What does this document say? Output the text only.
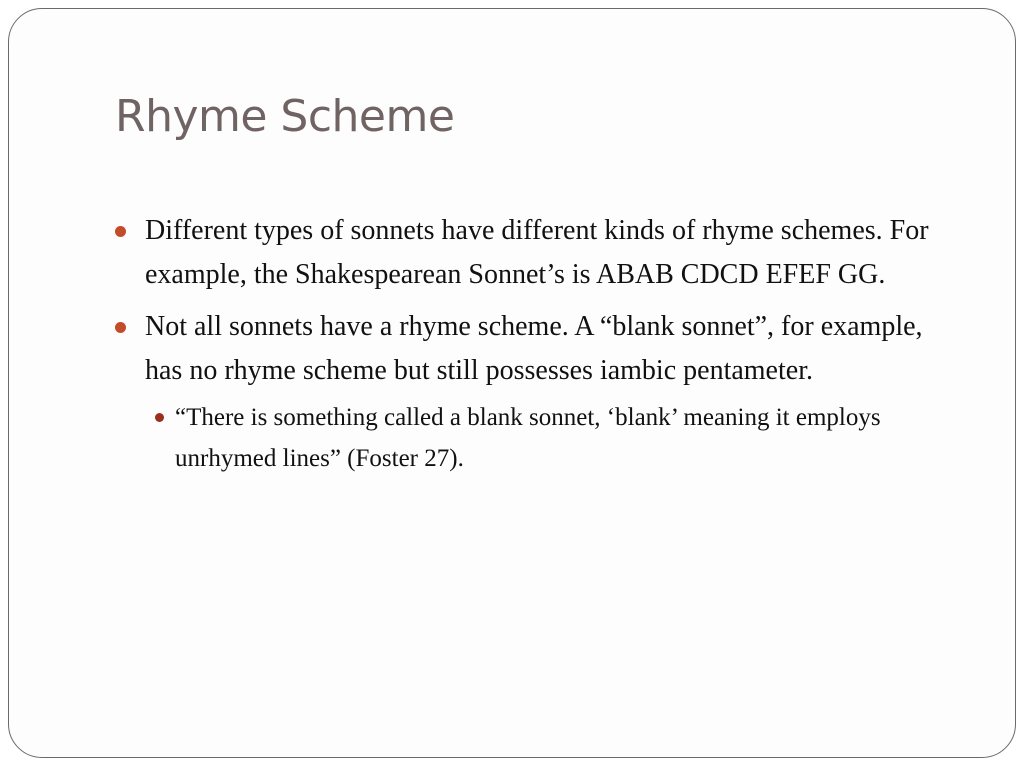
Rhyme Scheme
Different types of sonnets have different kinds of rhyme schemes. For example, the Shakespearean Sonnet’s is ABAB CDCD EFEF GG.
Not all sonnets have a rhyme scheme. A “blank sonnet”, for example, has no rhyme scheme but still possesses iambic pentameter.
“There is something called a blank sonnet, ‘blank’ meaning it employs unrhymed lines” (Foster 27).
